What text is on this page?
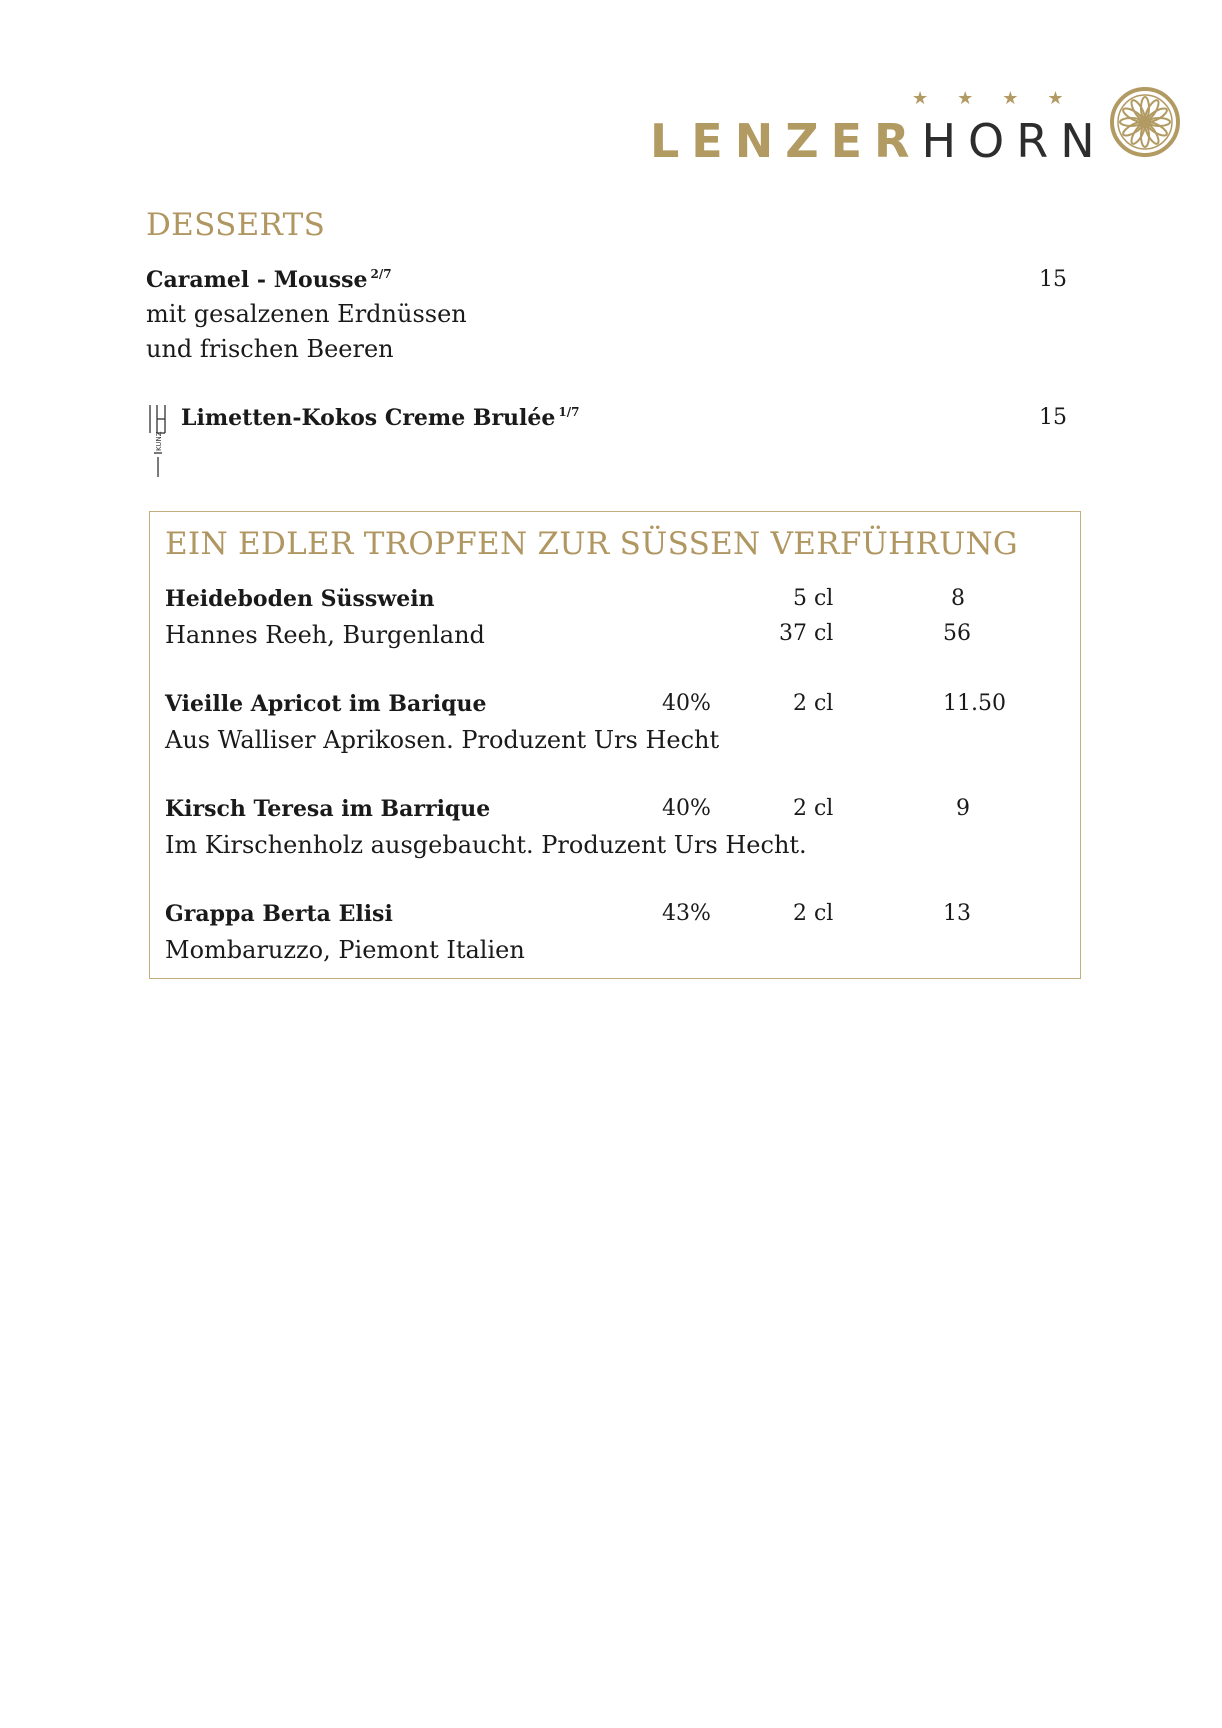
★★★★
LENZERHORN
DESSERTS
Caramel - Mousse $^{2/7}$	15
mit gesalzenen Erdnüssen
und frischen Beeren
KUNZ
Limetten-Kokos Creme Brulée $^{1/7}$	15
EIN EDLER TROPFEN ZUR SÜSSEN VERFÜHRUNG
Heideboden Süsswein	5 cl	8
Hannes Reeh, Burgenland	37 cl	56
Vieille Apricot im Barique	40%	2 cl	11.50
Aus Walliser Aprikosen. Produzent Urs Hecht
Kirsch Teresa im Barrique	40%	2 cl	9
Im Kirschenholz ausgebaucht. Produzent Urs Hecht.
Grappa Berta Elisi	43%	2 cl	13
Mombaruzzo, Piemont Italien
